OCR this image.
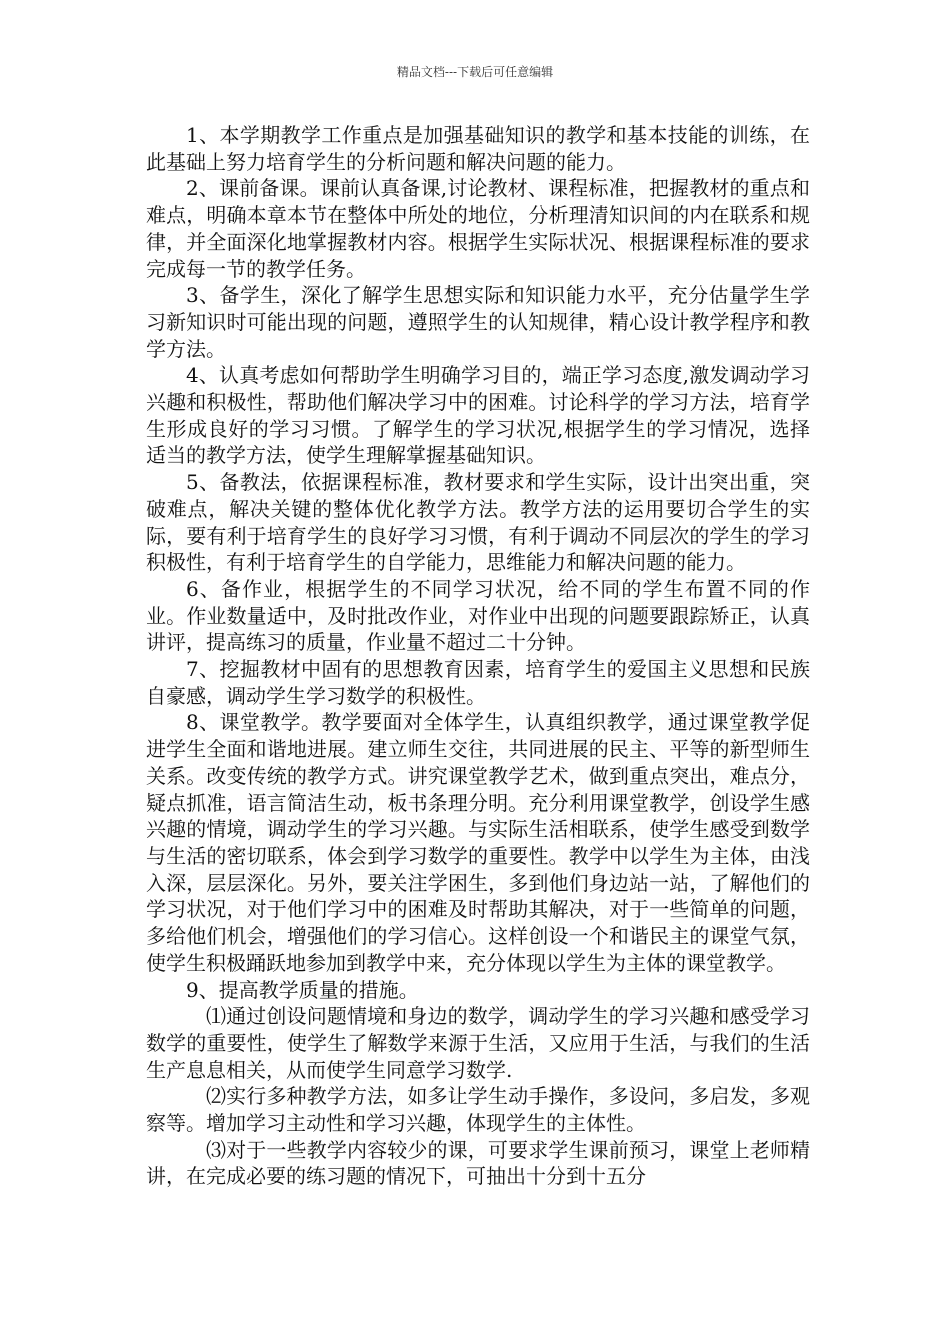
精品文档---下载后可任意编辑

1、本学期教学工作重点是加强基础知识的教学和基本技能的训练，在此基础上努力培育学生的分析问题和解决问题的能力。

2、课前备课。课前认真备课,讨论教材、课程标准，把握教材的重点和难点，明确本章本节在整体中所处的地位，分析理清知识间的内在联系和规律，并全面深化地掌握教材内容。根据学生实际状况、根据课程标准的要求完成每一节的教学任务。

3、备学生，深化了解学生思想实际和知识能力水平，充分估量学生学习新知识时可能出现的问题，遵照学生的认知规律，精心设计教学程序和教学方法。

4、认真考虑如何帮助学生明确学习目的，端正学习态度,激发调动学习兴趣和积极性，帮助他们解决学习中的困难。讨论科学的学习方法，培育学生形成良好的学习习惯。了解学生的学习状况,根据学生的学习情况，选择适当的教学方法，使学生理解掌握基础知识。

5、备教法，依据课程标准，教材要求和学生实际，设计出突出重，突破难点，解决关键的整体优化教学方法。教学方法的运用要切合学生的实际，要有利于培育学生的良好学习习惯，有利于调动不同层次的学生的学习积极性，有利于培育学生的自学能力，思维能力和解决问题的能力。

6、备作业，根据学生的不同学习状况，给不同的学生布置不同的作业。作业数量适中，及时批改作业，对作业中出现的问题要跟踪矫正，认真讲评，提高练习的质量，作业量不超过二十分钟。

7、挖掘教材中固有的思想教育因素，培育学生的爱国主义思想和民族自豪感，调动学生学习数学的积极性。

8、课堂教学。教学要面对全体学生，认真组织教学，通过课堂教学促进学生全面和谐地进展。建立师生交往，共同进展的民主、平等的新型师生关系。改变传统的教学方式。讲究课堂教学艺术，做到重点突出，难点分，疑点抓准，语言简洁生动，板书条理分明。充分利用课堂教学，创设学生感兴趣的情境，调动学生的学习兴趣。与实际生活相联系，使学生感受到数学与生活的密切联系，体会到学习数学的重要性。教学中以学生为主体，由浅入深，层层深化。另外，要关注学困生，多到他们身边站一站，了解他们的学习状况，对于他们学习中的困难及时帮助其解决，对于一些简单的问题，多给他们机会，增强他们的学习信心。这样创设一个和谐民主的课堂气氛，使学生积极踊跃地参加到教学中来，充分体现以学生为主体的课堂教学。

9、提高教学质量的措施。

⑴通过创设问题情境和身边的数学，调动学生的学习兴趣和感受学习数学的重要性，使学生了解数学来源于生活，又应用于生活，与我们的生活生产息息相关，从而使学生同意学习数学.

⑵实行多种教学方法，如多让学生动手操作，多设问，多启发，多观察等。增加学习主动性和学习兴趣，体现学生的主体性。

⑶对于一些教学内容较少的课，可要求学生课前预习，课堂上老师精讲，在完成必要的练习题的情况下，可抽出十分到十五分
